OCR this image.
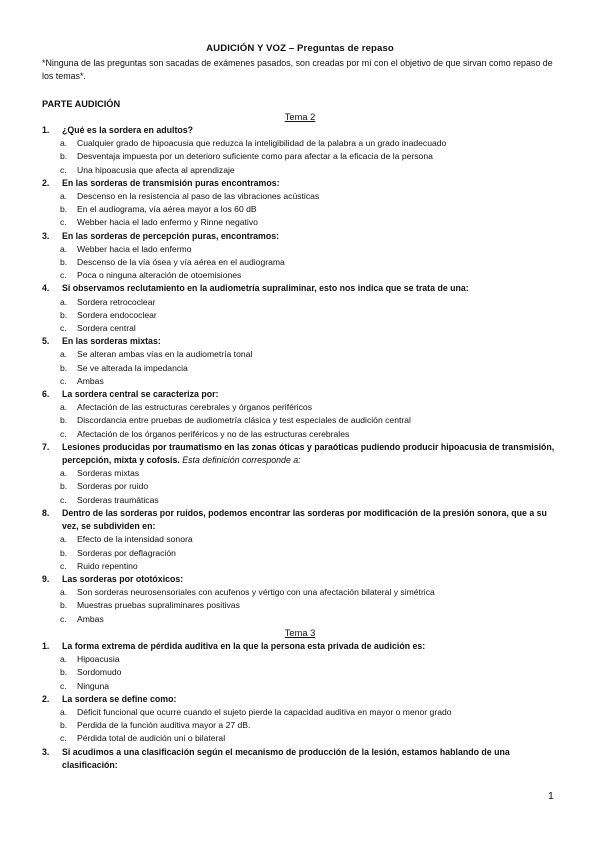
AUDICIÓN Y VOZ – Preguntas de repaso
*Ninguna de las preguntas son sacadas de exámenes pasados, son creadas por mí con el objetivo de que sirvan como repaso de los temas*.
PARTE AUDICIÓN
Tema 2
1. ¿Qué es la sordera en adultos?
a. Cualquier grado de hipoacusia que reduzca la inteligibilidad de la palabra a un grado inadecuado
b. Desventaja impuesta por un deterioro suficiente como para afectar a la eficacia de la persona
c. Una hipoacusia que afecta al aprendizaje
2. En las sorderas de transmisión puras encontramos:
a. Descenso en la resistencia al paso de las vibraciones acústicas
b. En el audiograma, vía aérea mayor a los 60 dB
c. Webber hacia el lado enfermo y Rinne negativo
3. En las sorderas de percepción puras, encontramos:
a. Webber hacia el lado enfermo
b. Descenso de la vía ósea y vía aérea en el audiograma
c. Poca o ninguna alteración de otoemisiones
4. Si observamos reclutamiento en la audiometría supraliminar, esto nos indica que se trata de una:
a. Sordera retrococlear
b. Sordera endococlear
c. Sordera central
5. En las sorderas mixtas:
a. Se alteran ambas vías en la audiometría tonal
b. Se ve alterada la impedancia
c. Ambas
6. La sordera central se caracteriza por:
a. Afectación de las estructuras cerebrales y órganos periféricos
b. Discordancia entre pruebas de audiometría clásica y test especiales de audición central
c. Afectación de los órganos periféricos y no de las estructuras cerebrales
7. Lesiones producidas por traumatismo en las zonas óticas y paraóticas pudiendo producir hipoacusia de transmisión, percepción, mixta y cofosis. Esta definición corresponde a:
a. Sorderas mixtas
b. Sorderas por ruido
c. Sorderas traumáticas
8. Dentro de las sorderas por ruidos, podemos encontrar las sorderas por modificación de la presión sonora, que a su vez, se subdividen en:
a. Efecto de la intensidad sonora
b. Sorderas por deflagración
c. Ruido repentino
9. Las sorderas por ototóxicos:
a. Son sorderas neurosensoriales con acufenos y vértigo con una afectación bilateral y simétrica
b. Muestras pruebas supraliminares positivas
c. Ambas
Tema 3
1. La forma extrema de pérdida auditiva en la que la persona esta privada de audición es:
a. Hipoacusia
b. Sordomudo
c. Ninguna
2. La sordera se define como:
a. Déficit funcional que ocurre cuando el sujeto pierde la capacidad auditiva en mayor o menor grado
b. Perdida de la función auditiva mayor a 27 dB.
c. Pérdida total de audición uni o bilateral
3. Si acudimos a una clasificación según el mecanismo de producción de la lesión, estamos hablando de una clasificación:
1
